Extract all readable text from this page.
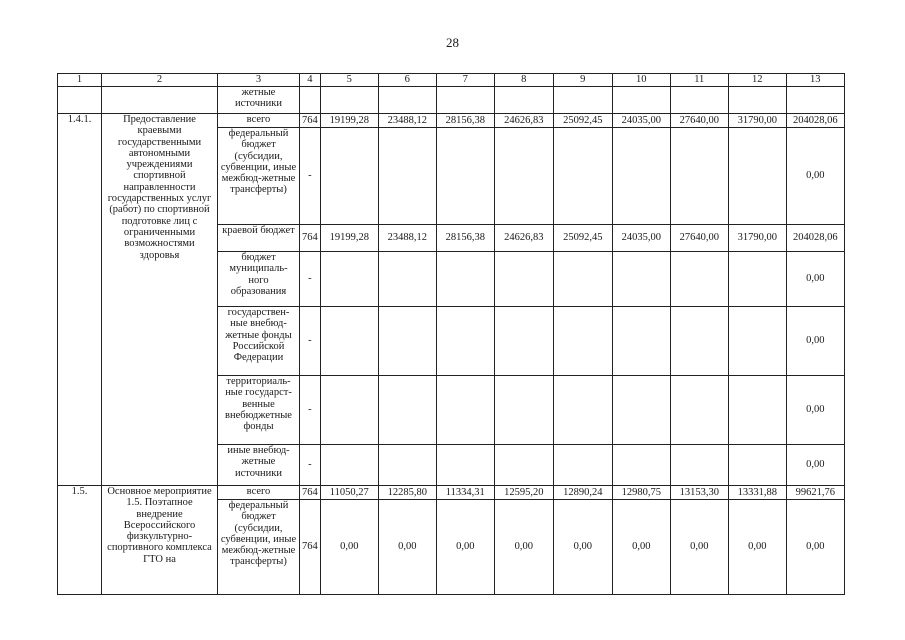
28
1	2	3	4	5	6	7	8	9	10	11	12	13
		жетные источники										
1.4.1.	Предоставление краевыми государственными автономными учреждениями спортивной направленности государственных услуг (работ) по спортивной подготовке лиц с ограниченными возможностями здоровья	всего	764	19199,28	23488,12	28156,38	24626,83	25092,45	24035,00	27640,00	31790,00	204028,06
		федеральный бюджет (субсидии, субвенции, иные межбюд-жетные трансферты)	-									0,00
		краевой бюджет	764	19199,28	23488,12	28156,38	24626,83	25092,45	24035,00	27640,00	31790,00	204028,06
		бюджет муниципаль-ного образования	-									0,00
		государствен-ные внебюд-жетные фонды Российской Федерации	-									0,00
		территориаль-ные государст-венные внебюджетные фонды	-									0,00
		иные внебюд-жетные источники	-									0,00
1.5.	Основное мероприятие 1.5. Поэтапное внедрение Всероссийского физкультурно-спортивного комплекса ГТО на	всего	764	11050,27	12285,80	11334,31	12595,20	12890,24	12980,75	13153,30	13331,88	99621,76
		федеральный бюджет (субсидии, субвенции, иные межбюд-жетные трансферты)	764	0,00	0,00	0,00	0,00	0,00	0,00	0,00	0,00	0,00
